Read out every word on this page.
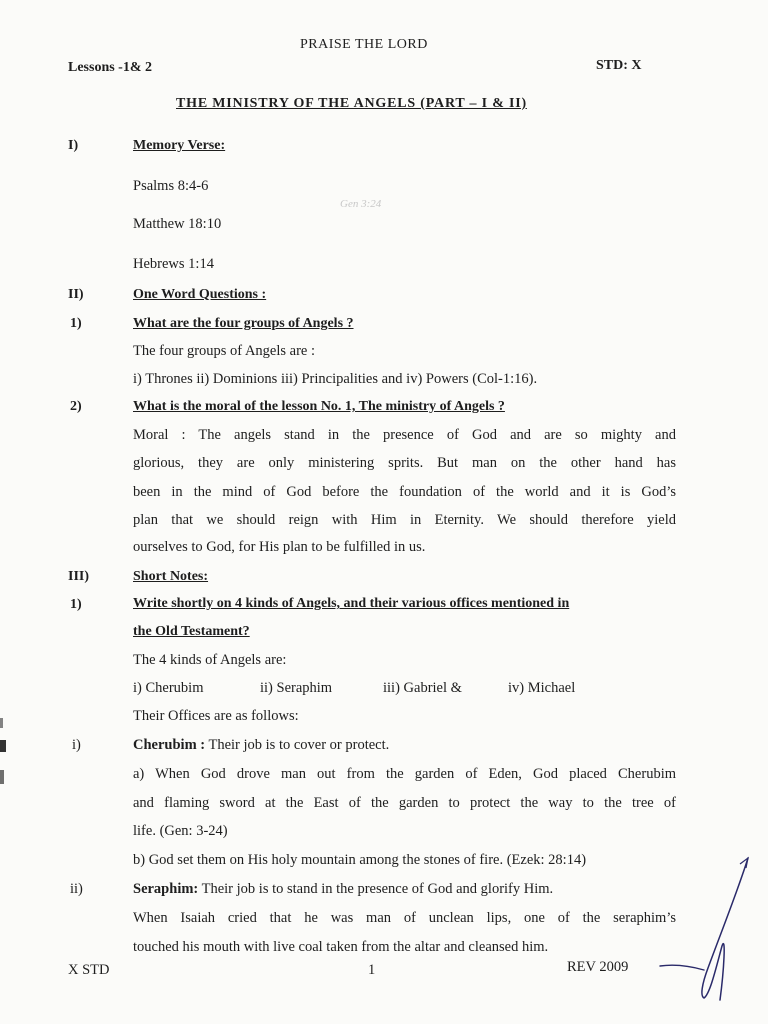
PRAISE THE LORD
Lessons -1& 2	STD: X
THE MINISTRY OF THE ANGELS (PART – I & II)
I)	Memory Verse:
Psalms 8:4-6
Gen 3:24
Matthew 18:10
Hebrews 1:14
II)	One Word Questions :
1)	What are the four groups of Angels ?
The four groups of Angels are :
i) Thrones ii) Dominions iii) Principalities and iv) Powers (Col-1:16).
2)	What is the moral of the lesson No. 1, The ministry of Angels ?
Moral : The angels stand in the presence of God and are so mighty and
glorious, they are only ministering sprits. But man on the other hand has
been in the mind of God before the foundation of the world and it is God’s
plan that we should reign with Him in Eternity. We should therefore yield
ourselves to God, for His plan to be fulfilled in us.
III)	Short Notes:
1)	Write shortly on 4 kinds of Angels, and their various offices mentioned in
the Old Testament?
The 4 kinds of Angels are:
i) Cherubim	ii) Seraphim	iii) Gabriel &	iv) Michael
Their Offices are as follows:
i)	Cherubim : Their job is to cover or protect.
a) When God drove man out from the garden of Eden, God placed Cherubim
and flaming sword at the East of the garden to protect the way to the tree of
life. (Gen: 3-24)
b) God set them on His holy mountain among the stones of fire. (Ezek: 28:14)
ii)	Seraphim: Their job is to stand in the presence of God and glorify Him.
When Isaiah cried that he was man of unclean lips, one of the seraphim’s
touched his mouth with live coal taken from the altar and cleansed him.
X STD	1	REV 2009
